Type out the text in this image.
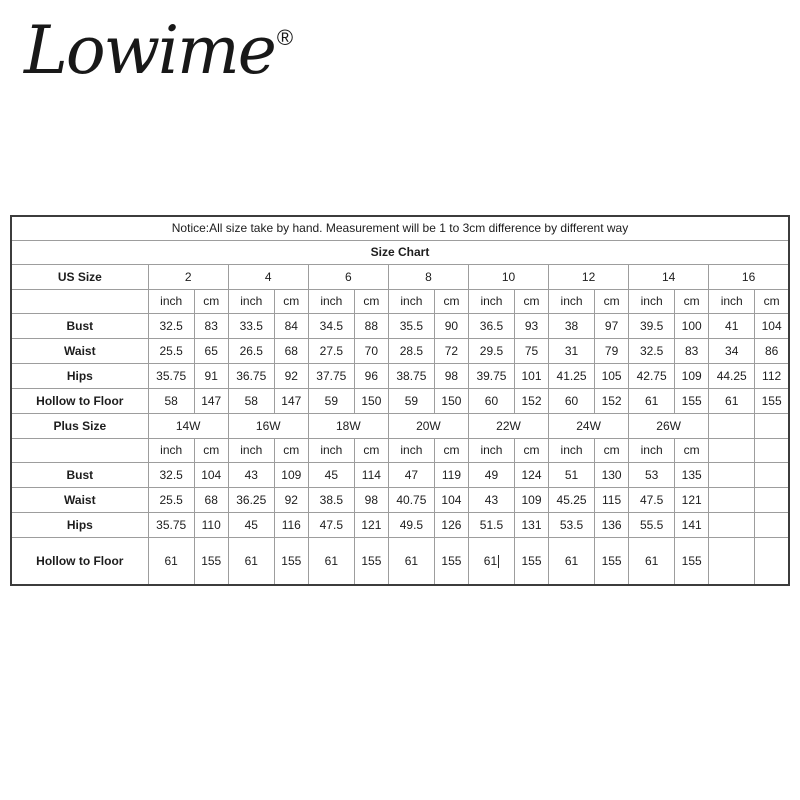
Lowime®
Notice:All size take by hand. Measurement will be 1 to 3cm difference by different way																
Size Chart																
US Size	2		4		6		8		10		12		14		16	
	inch	cm	inch	cm	inch	cm	inch	cm	inch	cm	inch	cm	inch	cm	inch	cm
Bust	32.5	83	33.5	84	34.5	88	35.5	90	36.5	93	38	97	39.5	100	41	104
Waist	25.5	65	26.5	68	27.5	70	28.5	72	29.5	75	31	79	32.5	83	34	86
Hips	35.75	91	36.75	92	37.75	96	38.75	98	39.75	101	41.25	105	42.75	109	44.25	112
Hollow to Floor	58	147	58	147	59	150	59	150	60	152	60	152	61	155	61	155
Plus Size	14W		16W		18W		20W		22W		24W		26W			
	inch	cm	inch	cm	inch	cm	inch	cm	inch	cm	inch	cm	inch	cm		
Bust	32.5	104	43	109	45	114	47	119	49	124	51	130	53	135		
Waist	25.5	68	36.25	92	38.5	98	40.75	104	43	109	45.25	115	47.5	121		
Hips	35.75	110	45	116	47.5	121	49.5	126	51.5	131	53.5	136	55.5	141		
Hollow to Floor	61	155	61	155	61	155	61	155	61	155	61	155	61	155		
